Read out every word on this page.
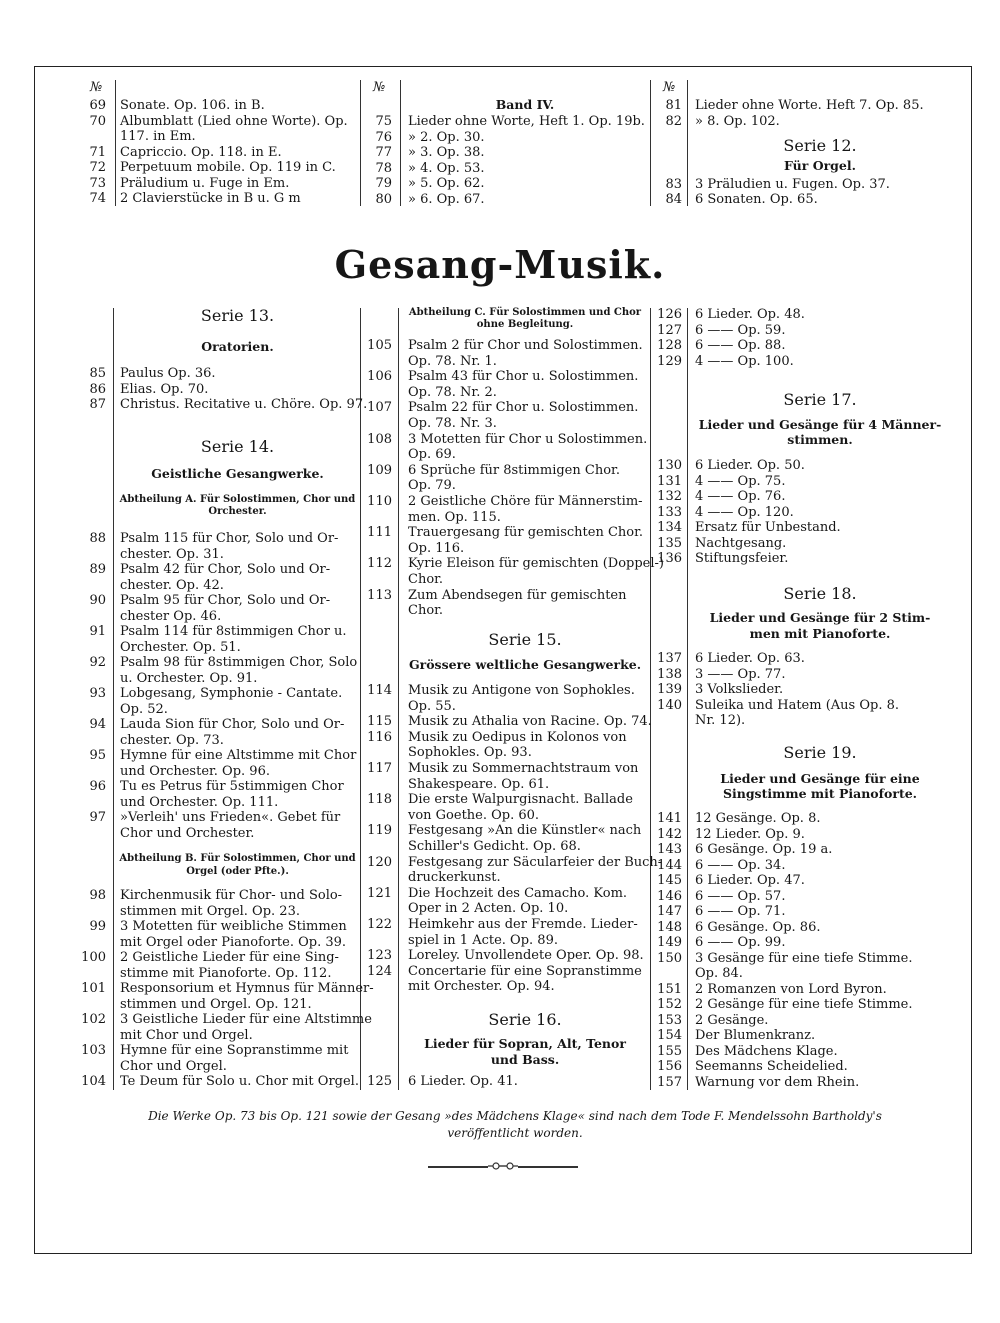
Gesang-Musik.
Die Werke Op. 73 bis Op. 121 sowie der Gesang »des Mädchens Klage« sind nach dem Tode F. Mendelssohn Bartholdy's
veröffentlicht worden.
№	№	№
69 Sonate. Op. 106. in B.
70 Albumblatt (Lied ohne Worte). Op.
117. in Em.
71 Capriccio. Op. 118. in E.
72 Perpetuum mobile. Op. 119 in C.
73 Präludium u. Fuge in Em.
74 2 Clavierstücke in B u. G m
Band IV.
75 Lieder ohne Worte, Heft 1. Op. 19b.
76 » 2. Op. 30.
77 » 3. Op. 38.
78 » 4. Op. 53.
79 » 5. Op. 62.
80 » 6. Op. 67.
81 Lieder ohne Worte. Heft 7. Op. 85.
82 » 8. Op. 102.
83 3 Präludien u. Fugen. Op. 37.
84 6 Sonaten. Op. 65.
Serie 12.
Für Orgel.
Serie 13.
Oratorien.
85 Paulus Op. 36.
86 Elias. Op. 70.
87 Christus. Recitative u. Chöre. Op. 97.
Serie 14.
Geistliche Gesangwerke.
Abtheilung A. Für Solostimmen, Chor und
Orchester.
88 Psalm 115 für Chor, Solo und Or-
chester. Op. 31.
89 Psalm 42 für Chor, Solo und Or-
chester. Op. 42.
90 Psalm 95 für Chor, Solo und Or-
chester Op. 46.
91 Psalm 114 für 8stimmigen Chor u.
Orchester. Op. 51.
92 Psalm 98 für 8stimmigen Chor, Solo
u. Orchester. Op. 91.
93 Lobgesang, Symphonie - Cantate.
Op. 52.
94 Lauda Sion für Chor, Solo und Or-
chester. Op. 73.
95 Hymne für eine Altstimme mit Chor
und Orchester. Op. 96.
96 Tu es Petrus für 5stimmigen Chor
und Orchester. Op. 111.
97 »Verleih' uns Frieden«. Gebet für
Chor und Orchester.
Abtheilung B. Für Solostimmen, Chor und
Orgel (oder Pfte.).
98 Kirchenmusik für Chor- und Solo-
stimmen mit Orgel. Op. 23.
99 3 Motetten für weibliche Stimmen
mit Orgel oder Pianoforte. Op. 39.
100 2 Geistliche Lieder für eine Sing-
stimme mit Pianoforte. Op. 112.
101 Responsorium et Hymnus für Männer-
stimmen und Orgel. Op. 121.
102 3 Geistliche Lieder für eine Altstimme
mit Chor und Orgel.
103 Hymne für eine Sopranstimme mit
Chor und Orgel.
104 Te Deum für Solo u. Chor mit Orgel.
Abtheilung C. Für Solostimmen und Chor
ohne Begleitung.
105 Psalm 2 für Chor und Solostimmen.
Op. 78. Nr. 1.
106 Psalm 43 für Chor u. Solostimmen.
Op. 78. Nr. 2.
107 Psalm 22 für Chor u. Solostimmen.
Op. 78. Nr. 3.
108 3 Motetten für Chor u Solostimmen.
Op. 69.
109 6 Sprüche für 8stimmigen Chor.
Op. 79.
110 2 Geistliche Chöre für Männerstim-
men. Op. 115.
111 Trauergesang für gemischten Chor.
Op. 116.
112 Kyrie Eleison für gemischten (Doppel-)
Chor.
113 Zum Abendsegen für gemischten
Chor.
Serie 15.
Grössere weltliche Gesangwerke.
114 Musik zu Antigone von Sophokles.
Op. 55.
115 Musik zu Athalia von Racine. Op. 74.
116 Musik zu Oedipus in Kolonos von
Sophokles. Op. 93.
117 Musik zu Sommernachtstraum von
Shakespeare. Op. 61.
118 Die erste Walpurgisnacht. Ballade
von Goethe. Op. 60.
119 Festgesang »An die Künstler« nach
Schiller's Gedicht. Op. 68.
120 Festgesang zur Säcularfeier der Buch-
druckerkunst.
121 Die Hochzeit des Camacho. Kom.
Oper in 2 Acten. Op. 10.
122 Heimkehr aus der Fremde. Lieder-
spiel in 1 Acte. Op. 89.
123 Loreley. Unvollendete Oper. Op. 98.
124 Concertarie für eine Sopranstimme
mit Orchester. Op. 94.
Serie 16.
Lieder für Sopran, Alt, Tenor
und Bass.
125 6 Lieder. Op. 41.
126 6 Lieder. Op. 48.
127 6 —— Op. 59.
128 6 —— Op. 88.
129 4 —— Op. 100.
Serie 17.
Lieder und Gesänge für 4 Männer-
stimmen.
130 6 Lieder. Op. 50.
131 4 —— Op. 75.
132 4 —— Op. 76.
133 4 —— Op. 120.
134 Ersatz für Unbestand.
135 Nachtgesang.
136 Stiftungsfeier.
Serie 18.
Lieder und Gesänge für 2 Stim-
men mit Pianoforte.
137 6 Lieder. Op. 63.
138 3 —— Op. 77.
139 3 Volkslieder.
140 Suleika und Hatem (Aus Op. 8.
Nr. 12).
Serie 19.
Lieder und Gesänge für eine
Singstimme mit Pianoforte.
141 12 Gesänge. Op. 8.
142 12 Lieder. Op. 9.
143 6 Gesänge. Op. 19 a.
144 6 —— Op. 34.
145 6 Lieder. Op. 47.
146 6 —— Op. 57.
147 6 —— Op. 71.
148 6 Gesänge. Op. 86.
149 6 —— Op. 99.
150 3 Gesänge für eine tiefe Stimme.
Op. 84.
151 2 Romanzen von Lord Byron.
152 2 Gesänge für eine tiefe Stimme.
153 2 Gesänge.
154 Der Blumenkranz.
155 Des Mädchens Klage.
156 Seemanns Scheidelied.
157 Warnung vor dem Rhein.
